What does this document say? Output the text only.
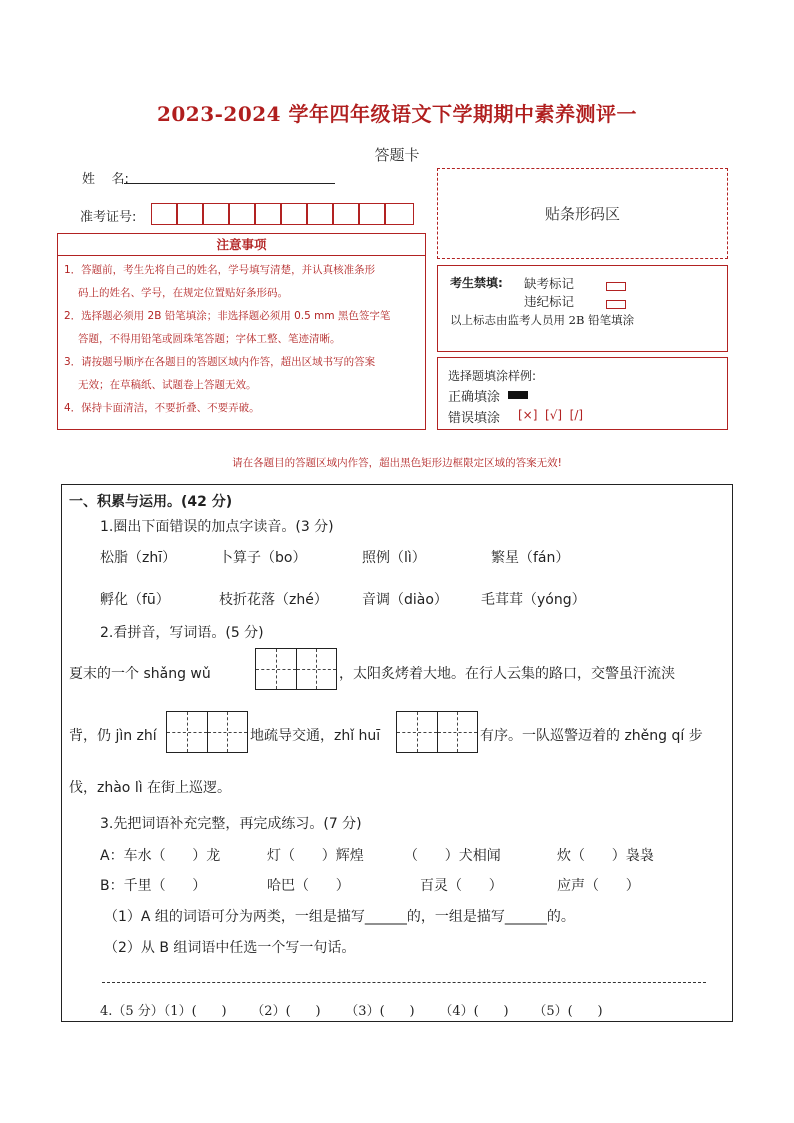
2023-2024 学年四年级语文下学期期中素养测评一
答题卡
姓    名:
准考证号:	贴条形码区
注意事项
1．答题前，考生先将自己的姓名，学号填写清楚，并认真核准条形
码上的姓名、学号，在规定位置贴好条形码。
2．选择题必须用 2B 铅笔填涂；非选择题必须用 0.5 mm 黑色签字笔
答题，不得用铅笔或圆珠笔答题；字体工整、笔迹清晰。
3．请按题号顺序在各题目的答题区域内作答，超出区域书写的答案
无效；在草稿纸、试题卷上答题无效。
4．保持卡面清洁，不要折叠、不要弄破。
考生禁填: 缺考标记
违纪标记
以上标志由监考人员用 2B 铅笔填涂
选择题填涂样例:
正确填涂
错误填涂 [×]  [√]  [/]
请在各题目的答题区域内作答，超出黑色矩形边框限定区域的答案无效!
一、积累与运用。(42 分)
1.圈出下面错误的加点字读音。(3 分)
松脂（zhī）	卜算子（bo）	照例（lì）	繁星（fán）
孵化（fū）	枝折花落（zhé） 音调（diào） 毛茸茸（yóng）
2.看拼音，写词语。(5 分)
夏末的一个 shǎng wǔ	，太阳炙烤着大地。在行人云集的路口，交警虽汗流浃
背，仍 jìn zhí	地疏导交通，zhǐ huī	有序。一队巡警迈着的 zhěng qí 步
伐，zhào lì 在街上巡逻。
3.先把词语补充完整，再完成练习。(7 分)
A：车水（      ）龙	灯（      ）辉煌	（      ）犬相闻	炊（      ）袅袅
B：千里（      ）	哈巴（      ）	百灵（      ）	应声（      ）
（1）A 组的词语可分为两类，一组是描写______的，一组是描写______的。
（2）从 B 组词语中任选一个写一句话。
4.（5 分）（1）(      )      （2）(      )      （3）(      )      （4）(      )      （5）(      )
